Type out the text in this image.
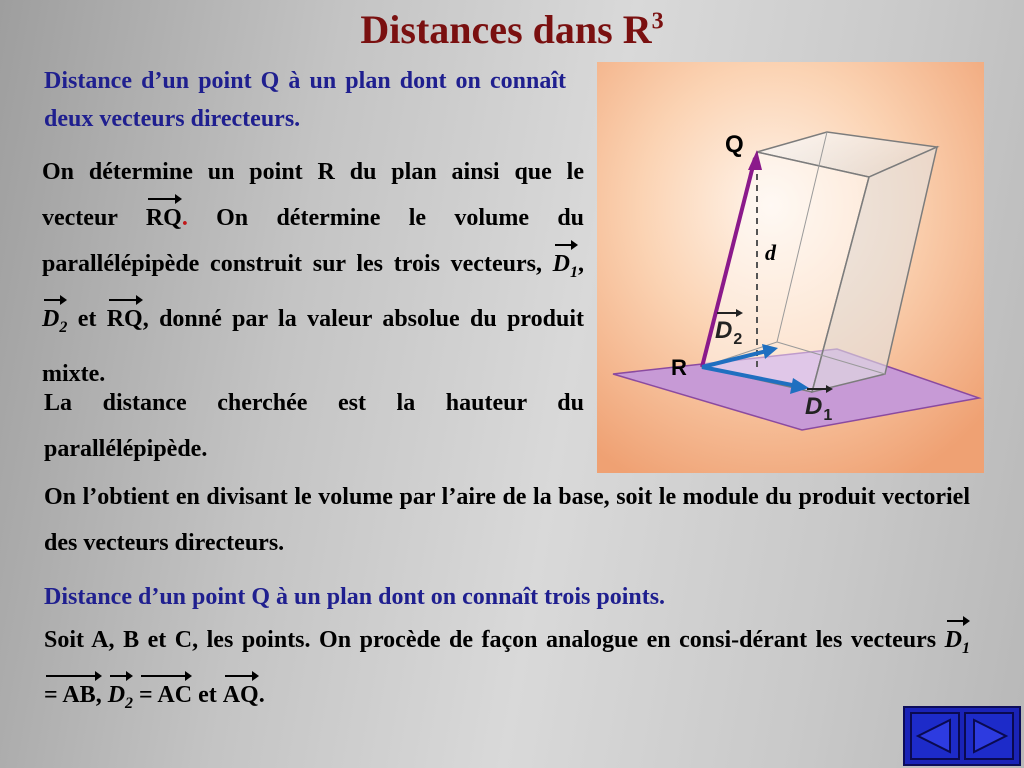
Distances dans $R^3$
Distance d’un point Q à un plan dont on connaît deux vecteurs directeurs.
On détermine un point R du plan ainsi que le vecteur RQ. On détermine le volume du parallélépipède construit sur les trois vecteurs, $D_1$, $D_2$ et RQ, donné par la valeur absolue du produit mixte.
La distance cherchée est la hauteur du parallélépipède.
On l’obtient en divisant le volume par l’aire de la base, soit le module du produit vectoriel des vecteurs directeurs.
Distance d’un point Q à un plan dont on connaît trois points.
Soit A, B et C, les points. On procède de façon analogue en consi-dérant les vecteurs $D_1$ = AB, $D_2$ = AC et AQ.
Q
R
d
$D_2$
$D_1$
